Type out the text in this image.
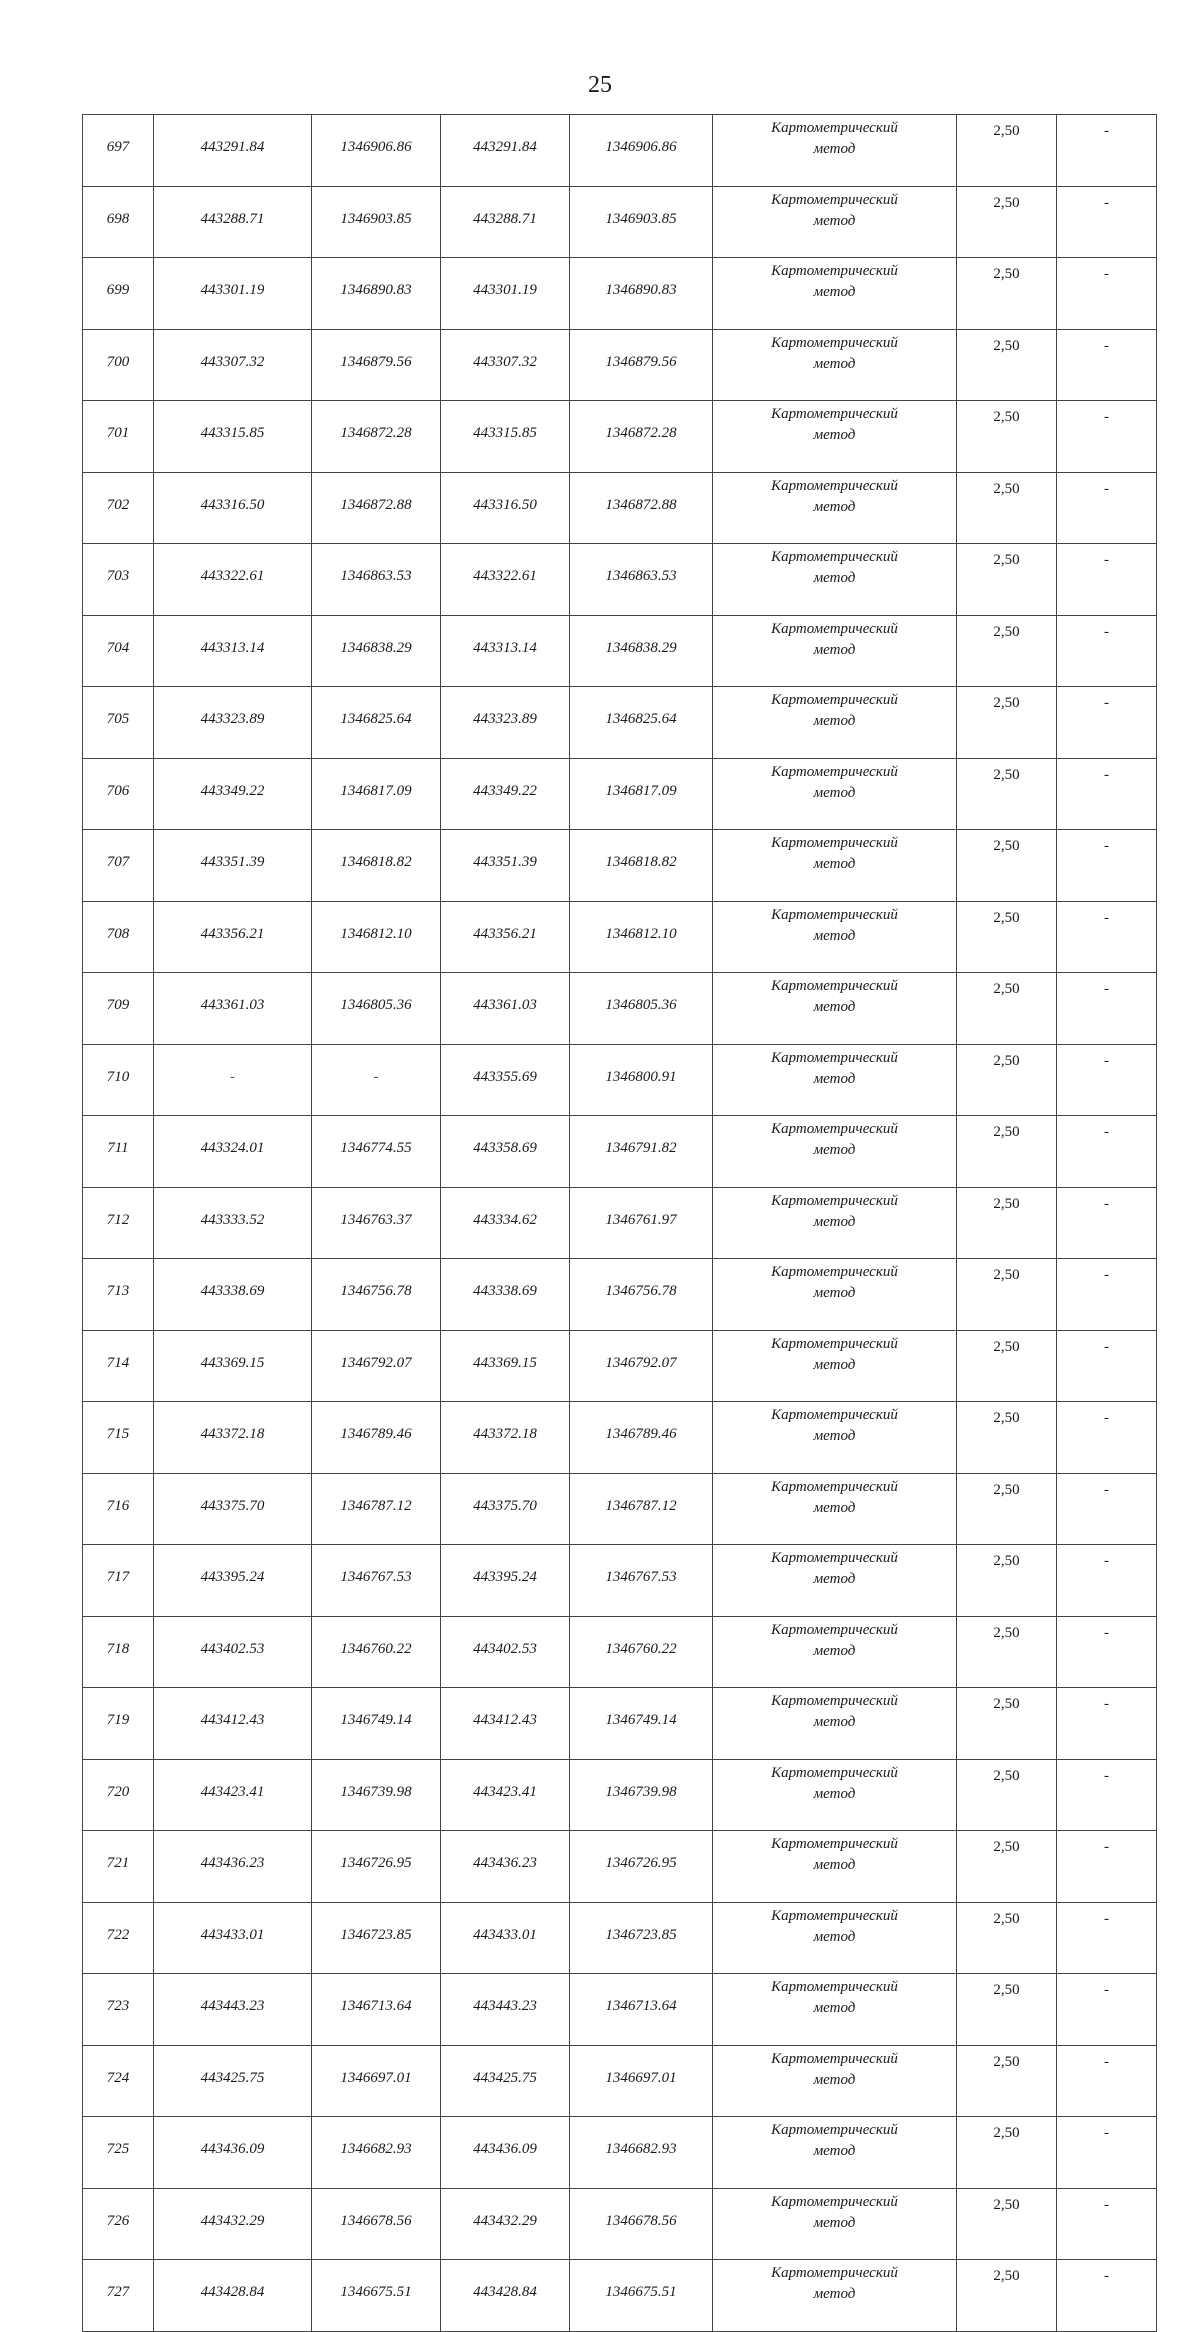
25
697	443291.84	1346906.86	443291.84	1346906.86	Картометрический
метод	2,50	-
698	443288.71	1346903.85	443288.71	1346903.85	Картометрический
метод	2,50	-
699	443301.19	1346890.83	443301.19	1346890.83	Картометрический
метод	2,50	-
700	443307.32	1346879.56	443307.32	1346879.56	Картометрический
метод	2,50	-
701	443315.85	1346872.28	443315.85	1346872.28	Картометрический
метод	2,50	-
702	443316.50	1346872.88	443316.50	1346872.88	Картометрический
метод	2,50	-
703	443322.61	1346863.53	443322.61	1346863.53	Картометрический
метод	2,50	-
704	443313.14	1346838.29	443313.14	1346838.29	Картометрический
метод	2,50	-
705	443323.89	1346825.64	443323.89	1346825.64	Картометрический
метод	2,50	-
706	443349.22	1346817.09	443349.22	1346817.09	Картометрический
метод	2,50	-
707	443351.39	1346818.82	443351.39	1346818.82	Картометрический
метод	2,50	-
708	443356.21	1346812.10	443356.21	1346812.10	Картометрический
метод	2,50	-
709	443361.03	1346805.36	443361.03	1346805.36	Картометрический
метод	2,50	-
710	-	-	443355.69	1346800.91	Картометрический
метод	2,50	-
711	443324.01	1346774.55	443358.69	1346791.82	Картометрический
метод	2,50	-
712	443333.52	1346763.37	443334.62	1346761.97	Картометрический
метод	2,50	-
713	443338.69	1346756.78	443338.69	1346756.78	Картометрический
метод	2,50	-
714	443369.15	1346792.07	443369.15	1346792.07	Картометрический
метод	2,50	-
715	443372.18	1346789.46	443372.18	1346789.46	Картометрический
метод	2,50	-
716	443375.70	1346787.12	443375.70	1346787.12	Картометрический
метод	2,50	-
717	443395.24	1346767.53	443395.24	1346767.53	Картометрический
метод	2,50	-
718	443402.53	1346760.22	443402.53	1346760.22	Картометрический
метод	2,50	-
719	443412.43	1346749.14	443412.43	1346749.14	Картометрический
метод	2,50	-
720	443423.41	1346739.98	443423.41	1346739.98	Картометрический
метод	2,50	-
721	443436.23	1346726.95	443436.23	1346726.95	Картометрический
метод	2,50	-
722	443433.01	1346723.85	443433.01	1346723.85	Картометрический
метод	2,50	-
723	443443.23	1346713.64	443443.23	1346713.64	Картометрический
метод	2,50	-
724	443425.75	1346697.01	443425.75	1346697.01	Картометрический
метод	2,50	-
725	443436.09	1346682.93	443436.09	1346682.93	Картометрический
метод	2,50	-
726	443432.29	1346678.56	443432.29	1346678.56	Картометрический
метод	2,50	-
727	443428.84	1346675.51	443428.84	1346675.51	Картометрический
метод	2,50	-
